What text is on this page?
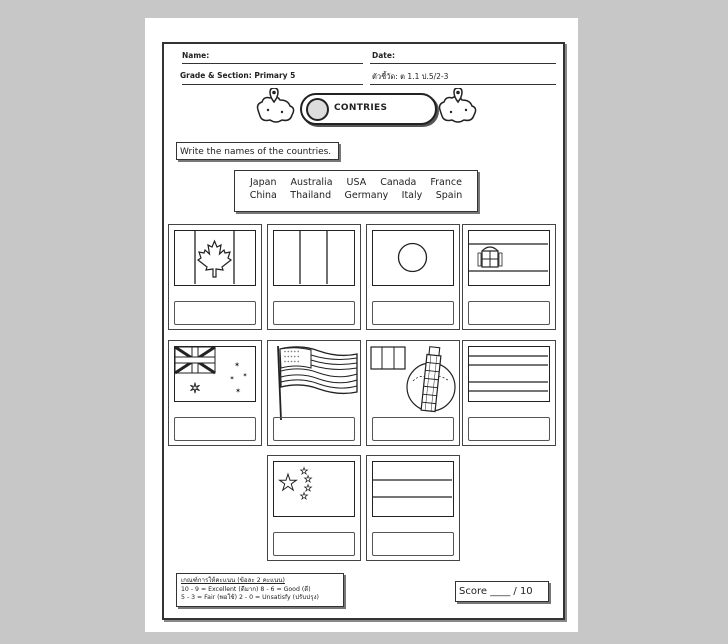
Name:	Date:
Grade & Section: Primary 5	ตัวชี้วัด: ต 1.1 ป.5/2-3
CONTRIES
Write the names of the countries.
Japan Australia USA Canada France
China Thailand Germany Italy Spain
✶
✶
✶
✶
✶
* * * * *
* * * * *
* * * * *
★ ★
★
★
★
เกณฑ์การให้คะแนน (ข้อละ 2 คะแนน)
10 - 9 = Excellent (ดีมาก) 8 - 6 = Good (ดี)
5 - 3 = Fair (พอใช้) 2 - 0 = Unsatisfy (ปรับปรุง)
Score ____ / 10
